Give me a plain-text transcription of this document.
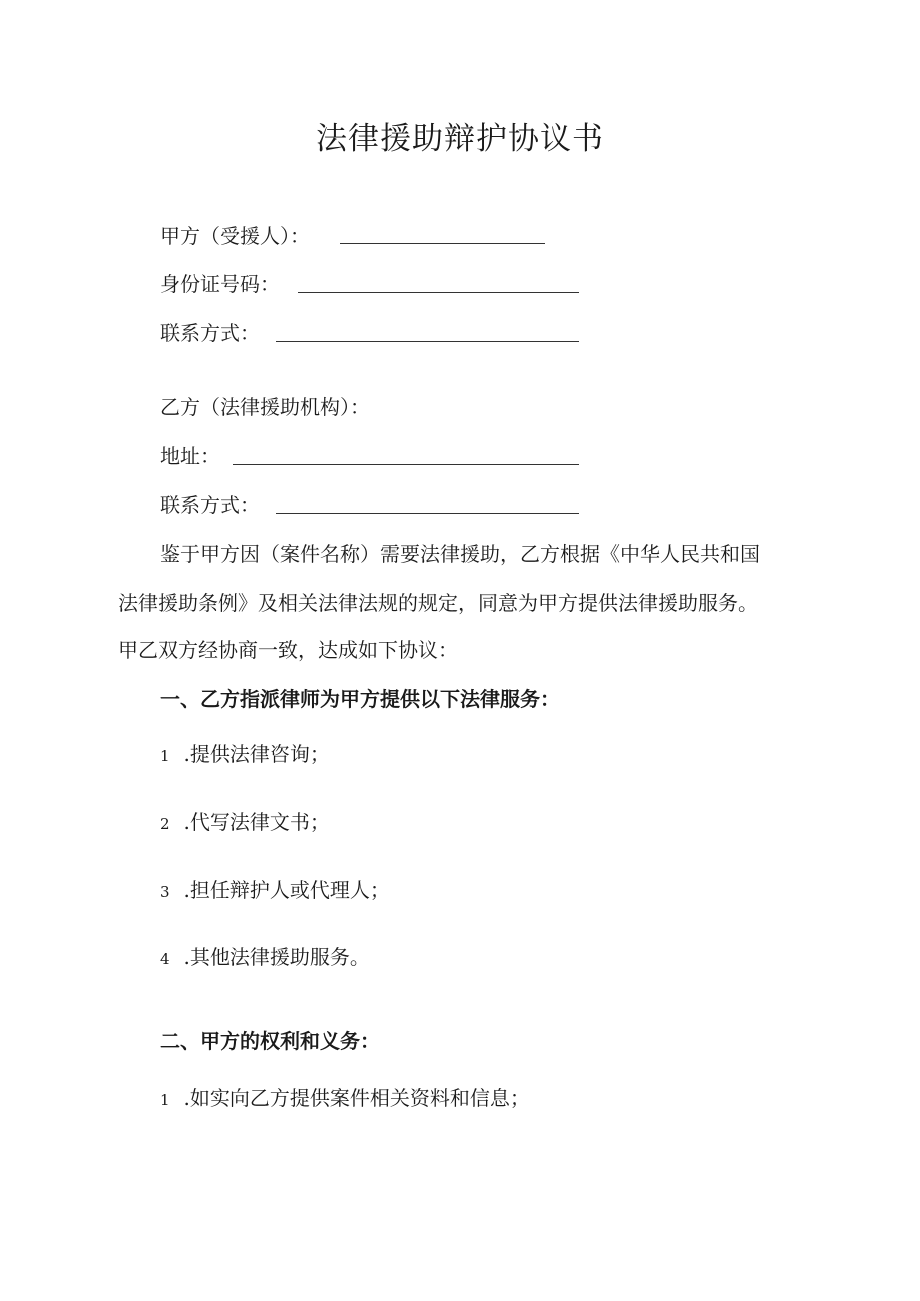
法律援助辩护协议书
甲方（受援人）：
身份证号码：
联系方式：
乙方（法律援助机构）：
地址：
联系方式：
鉴于甲方因（案件名称）需要法律援助，乙方根据《中华人民共和国
法律援助条例》及相关法律法规的规定，同意为甲方提供法律援助服务。
甲乙双方经协商一致，达成如下协议：
一、乙方指派律师为甲方提供以下法律服务：
1 .提供法律咨询；
2 .代写法律文书；
3 .担任辩护人或代理人；
4 .其他法律援助服务。
二、甲方的权利和义务：
1 .如实向乙方提供案件相关资料和信息；
